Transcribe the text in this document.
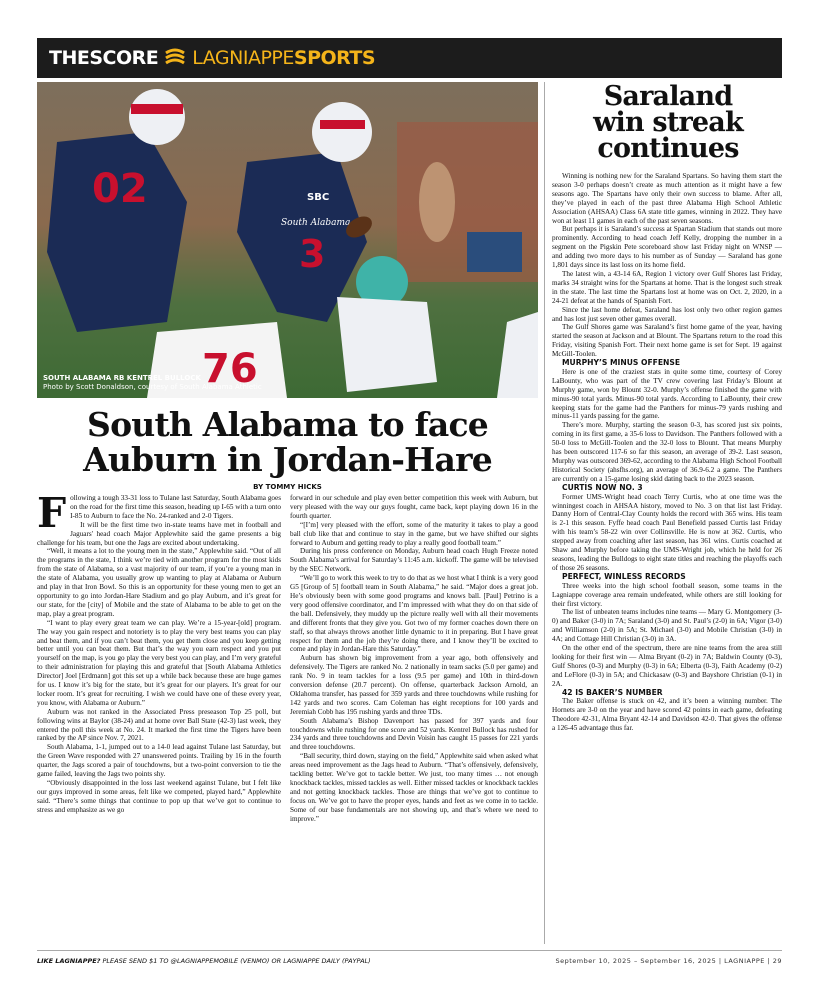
THESCORE LAGNIAPPE SPORTS
02
3
SBC
South Alabama
76
SOUTH ALABAMA RB KENTREL BULLOCK
Photo by Scott Donaldson, courtesy of South Alabama Athletic
South Alabama to face
Auburn in Jordan-Hare
BY TOMMY HICKS

Following a tough 33-31 loss to Tulane last Saturday, South Alabama goes on the road for the first time this season, heading up I-65 with a turn onto I-85 to Auburn to face the No. 24-ranked and 2-0 Tigers.

It will be the first time two in-state teams have met in football and Jaguars' head coach Major Applewhite said the game presents a big challenge for his team, but one the Jags are excited about undertaking.

“Well, it means a lot to the young men in the state,” Applewhite said. “Out of all the programs in the state, I think we’re tied with another program for the most kids from the state of Alabama, so a vast majority of our team, if you’re a young man in the state of Alabama, you usually grow up wanting to play at Alabama or Auburn and play in that Iron Bowl. So this is an opportunity for these young men to get an opportunity to go into Jordan-Hare Stadium and go play Auburn, and it’s great for our state, for the [city] of Mobile and the state of Alabama to be able to get on the map, play a great program.

“I want to play every great team we can play. We’re a 15-year-[old] program. The way you gain respect and notoriety is to play the very best teams you can play and beat them, and if you can’t beat them, you get them close and you keep getting better until you can beat them. But that’s the way you earn respect and you put yourself on the map, is you go play the very best you can play, and I’m very grateful to their administration for playing this and grateful that [South Alabama Athletics Director] Joel [Erdmann] got this set up a while back because these are huge games for us. I know it’s big for the state, but it’s great for our players. It’s great for our locker room. It’s great for recruiting. I wish we could have one of these every year, you know, with Alabama or Auburn.”

Auburn was not ranked in the Associated Press preseason Top 25 poll, but following wins at Baylor (38-24) and at home over Ball State (42-3) last week, they entered the poll this week at No. 24. It marked the first time the Tigers have been ranked by the AP since Nov. 7, 2021.

South Alabama, 1-1, jumped out to a 14-0 lead against Tulane last Saturday, but the Green Wave responded with 27 unanswered points. Trailing by 16 in the fourth quarter, the Jags scored a pair of touchdowns, but a two-point conversion to tie the game failed, leaving the Jags two points shy.

“Obviously disappointed in the loss last weekend against Tulane, but I felt like our guys improved in some areas, felt like we competed, played hard,” Applewhite said. “There’s some things that continue to pop up that we’ve got to continue to stress and emphasize as we go

forward in our schedule and play even better competition this week with Auburn, but very pleased with the way our guys fought, came back, kept playing down 16 in the fourth quarter.

“[I’m] very pleased with the effort, some of the maturity it takes to play a good ball club like that and continue to stay in the game, but we have shifted our sights forward to Auburn and getting ready to play a really good football team.”

During his press conference on Monday, Auburn head coach Hugh Freeze noted South Alabama’s arrival for Saturday’s 11:45 a.m. kickoff. The game will be televised by the SEC Network.

“We’ll go to work this week to try to do that as we host what I think is a very good G5 [Group of 5] football team in South Alabama,” he said. “Major does a great job. He’s obviously been with some good programs and knows ball. [Paul] Petrino is a very good offensive coordinator, and I’m impressed with what they do on that side of the ball. Defensively, they muddy up the picture really well with all their movements and different fronts that they give you. Got two of my former coaches down there on staff, so that always throws another little dynamic to it in preparing. But I have great respect for them and the job they’re doing there, and I know they’ll be excited to come and play in Jordan-Hare this Saturday.”

Auburn has shown big improvement from a year ago, both offensively and defensively. The Tigers are ranked No. 2 nationally in team sacks (5.0 per game) and rank No. 9 in team tackles for a loss (9.5 per game) and 10th in third-down conversion defense (20.7 percent). On offense, quarterback Jackson Arnold, an Oklahoma transfer, has passed for 359 yards and three touchdowns while rushing for 142 yards and two scores. Cam Coleman has eight receptions for 100 yards and Jeremiah Cobb has 195 rushing yards and three TDs.

South Alabama’s Bishop Davenport has passed for 397 yards and four touchdowns while rushing for one score and 52 yards. Kentrel Bullock has rushed for 234 yards and three touchdowns and Devin Voisin has caught 15 passes for 221 yards and three touchdowns.

“Ball security, third down, staying on the field,” Applewhite said when asked what areas need improvement as the Jags head to Auburn. “That’s offensively, defensively, tackling better. We’ve got to tackle better. We just, too many times … not enough knockback tackles, missed tackles as well. Either missed tackles or knockback tackles and not getting knockback tackles. Those are things that we’ve got to continue to focus on. We’ve got to have the proper eyes, hands and feet as we come in to tackle. Some of our base fundamentals are not showing up, and that’s where we need to improve.”

Saraland
win streak
continues

Winning is nothing new for the Saraland Spartans. So having them start the season 3-0 perhaps doesn’t create as much attention as it might have a few seasons ago. The Spartans have only their own success to blame. After all, they’ve played in each of the past three Alabama High School Athletic Association (AHSAA) Class 6A state title games, winning in 2022. They have won at least 11 games in each of the past seven seasons.

But perhaps it is Saraland’s success at Spartan Stadium that stands out more prominently. According to head coach Jeff Kelly, dropping the number in a segment on the Pigskin Pete scoreboard show last Friday night on WNSP — and adding two more days to his number as of Sunday — Saraland has gone 1,801 days since its last loss on its home field.

The latest win, a 43-14 6A, Region 1 victory over Gulf Shores last Friday, marks 34 straight wins for the Spartans at home. That is the longest such streak in the state. The last time the Spartans lost at home was on Oct. 2, 2020, in a 24-21 defeat at the hands of Spanish Fort.

Since the last home defeat, Saraland has lost only two other region games and has lost just seven other games overall.

The Gulf Shores game was Saraland’s first home game of the year, having started the season at Jackson and at Blount. The Spartans return to the road this Friday, visiting Spanish Fort. Their next home game is set for Sept. 19 against McGill-Toolen.

MURPHY’S MINUS OFFENSE

Here is one of the craziest stats in quite some time, courtesy of Corey LaBounty, who was part of the TV crew covering last Friday’s Blount at Murphy game, won by Blount 32-0. Murphy’s offense finished the game with minus-90 total yards. Minus-90 total yards. According to LaBounty, their crew keeping stats for the game had the Panthers for minus-79 yards rushing and minus-11 yards passing for the game.

There’s more. Murphy, starting the season 0-3, has scored just six points, coming in its first game, a 35-6 loss to Davidson. The Panthers followed with a 50-0 loss to McGill-Toolen and the 32-0 loss to Blount. That means Murphy has been outscored 117-6 so far this season, an average of 39-2. Last season, Murphy was outscored 369-62, according to the Alabama High School Football Historical Society (ahsfhs.org), an average of 36.9-6.2 a game. The Panthers are currently on a 15-game losing skid dating back to the 2023 season.

CURTIS NOW NO. 3

Former UMS-Wright head coach Terry Curtis, who at one time was the winningest coach in AHSAA history, moved to No. 3 on that list last Friday. Danny Horn of Central-Clay County holds the record with 365 wins. His team is 2-1 this season. Fyffe head coach Paul Benefield passed Curtis last Friday with his team’s 58-22 win over Collinsville. He is now at 362. Curtis, who stepped away from coaching after last season, has 361 wins. Curtis coached at Shaw and Murphy before taking the UMS-Wright job, which he held for 26 seasons, leading the Bulldogs to eight state titles and reaching the playoffs each of those 26 seasons.

PERFECT, WINLESS RECORDS

Three weeks into the high school football season, some teams in the Lagniappe coverage area remain undefeated, while others are still looking for their first victory.

The list of unbeaten teams includes nine teams — Mary G. Montgomery (3-0) and Baker (3-0) in 7A; Saraland (3-0) and St. Paul’s (2-0) in 6A; Vigor (3-0) and Williamson (2-0) in 5A; St. Michael (3-0) and Mobile Christian (3-0) in 4A; and Cottage Hill Christian (3-0) in 3A.

On the other end of the spectrum, there are nine teams from the area still looking for their first win — Alma Bryant (0-2) in 7A; Baldwin County (0-3), Gulf Shores (0-3) and Murphy (0-3) in 6A; Elberta (0-3), Faith Academy (0-2) and LeFlore (0-3) in 5A; and Chickasaw (0-3) and Bayshore Christian (0-1) in 2A.

42 IS BAKER’S NUMBER

The Baker offense is stuck on 42, and it’s been a winning number. The Hornets are 3-0 on the year and have scored 42 points in each game, defeating Theodore 42-31, Alma Bryant 42-14 and Davidson 42-0. That gives the offense a 126-45 advantage thus far.

LIKE LAGNIAPPE? PLEASE SEND $1 TO @LAGNIAPPEMOBILE (VENMO) OR LAGNIAPPE DAILY (PAYPAL)	September 10, 2025 – September 16, 2025 | LAGNIAPPE | 29
